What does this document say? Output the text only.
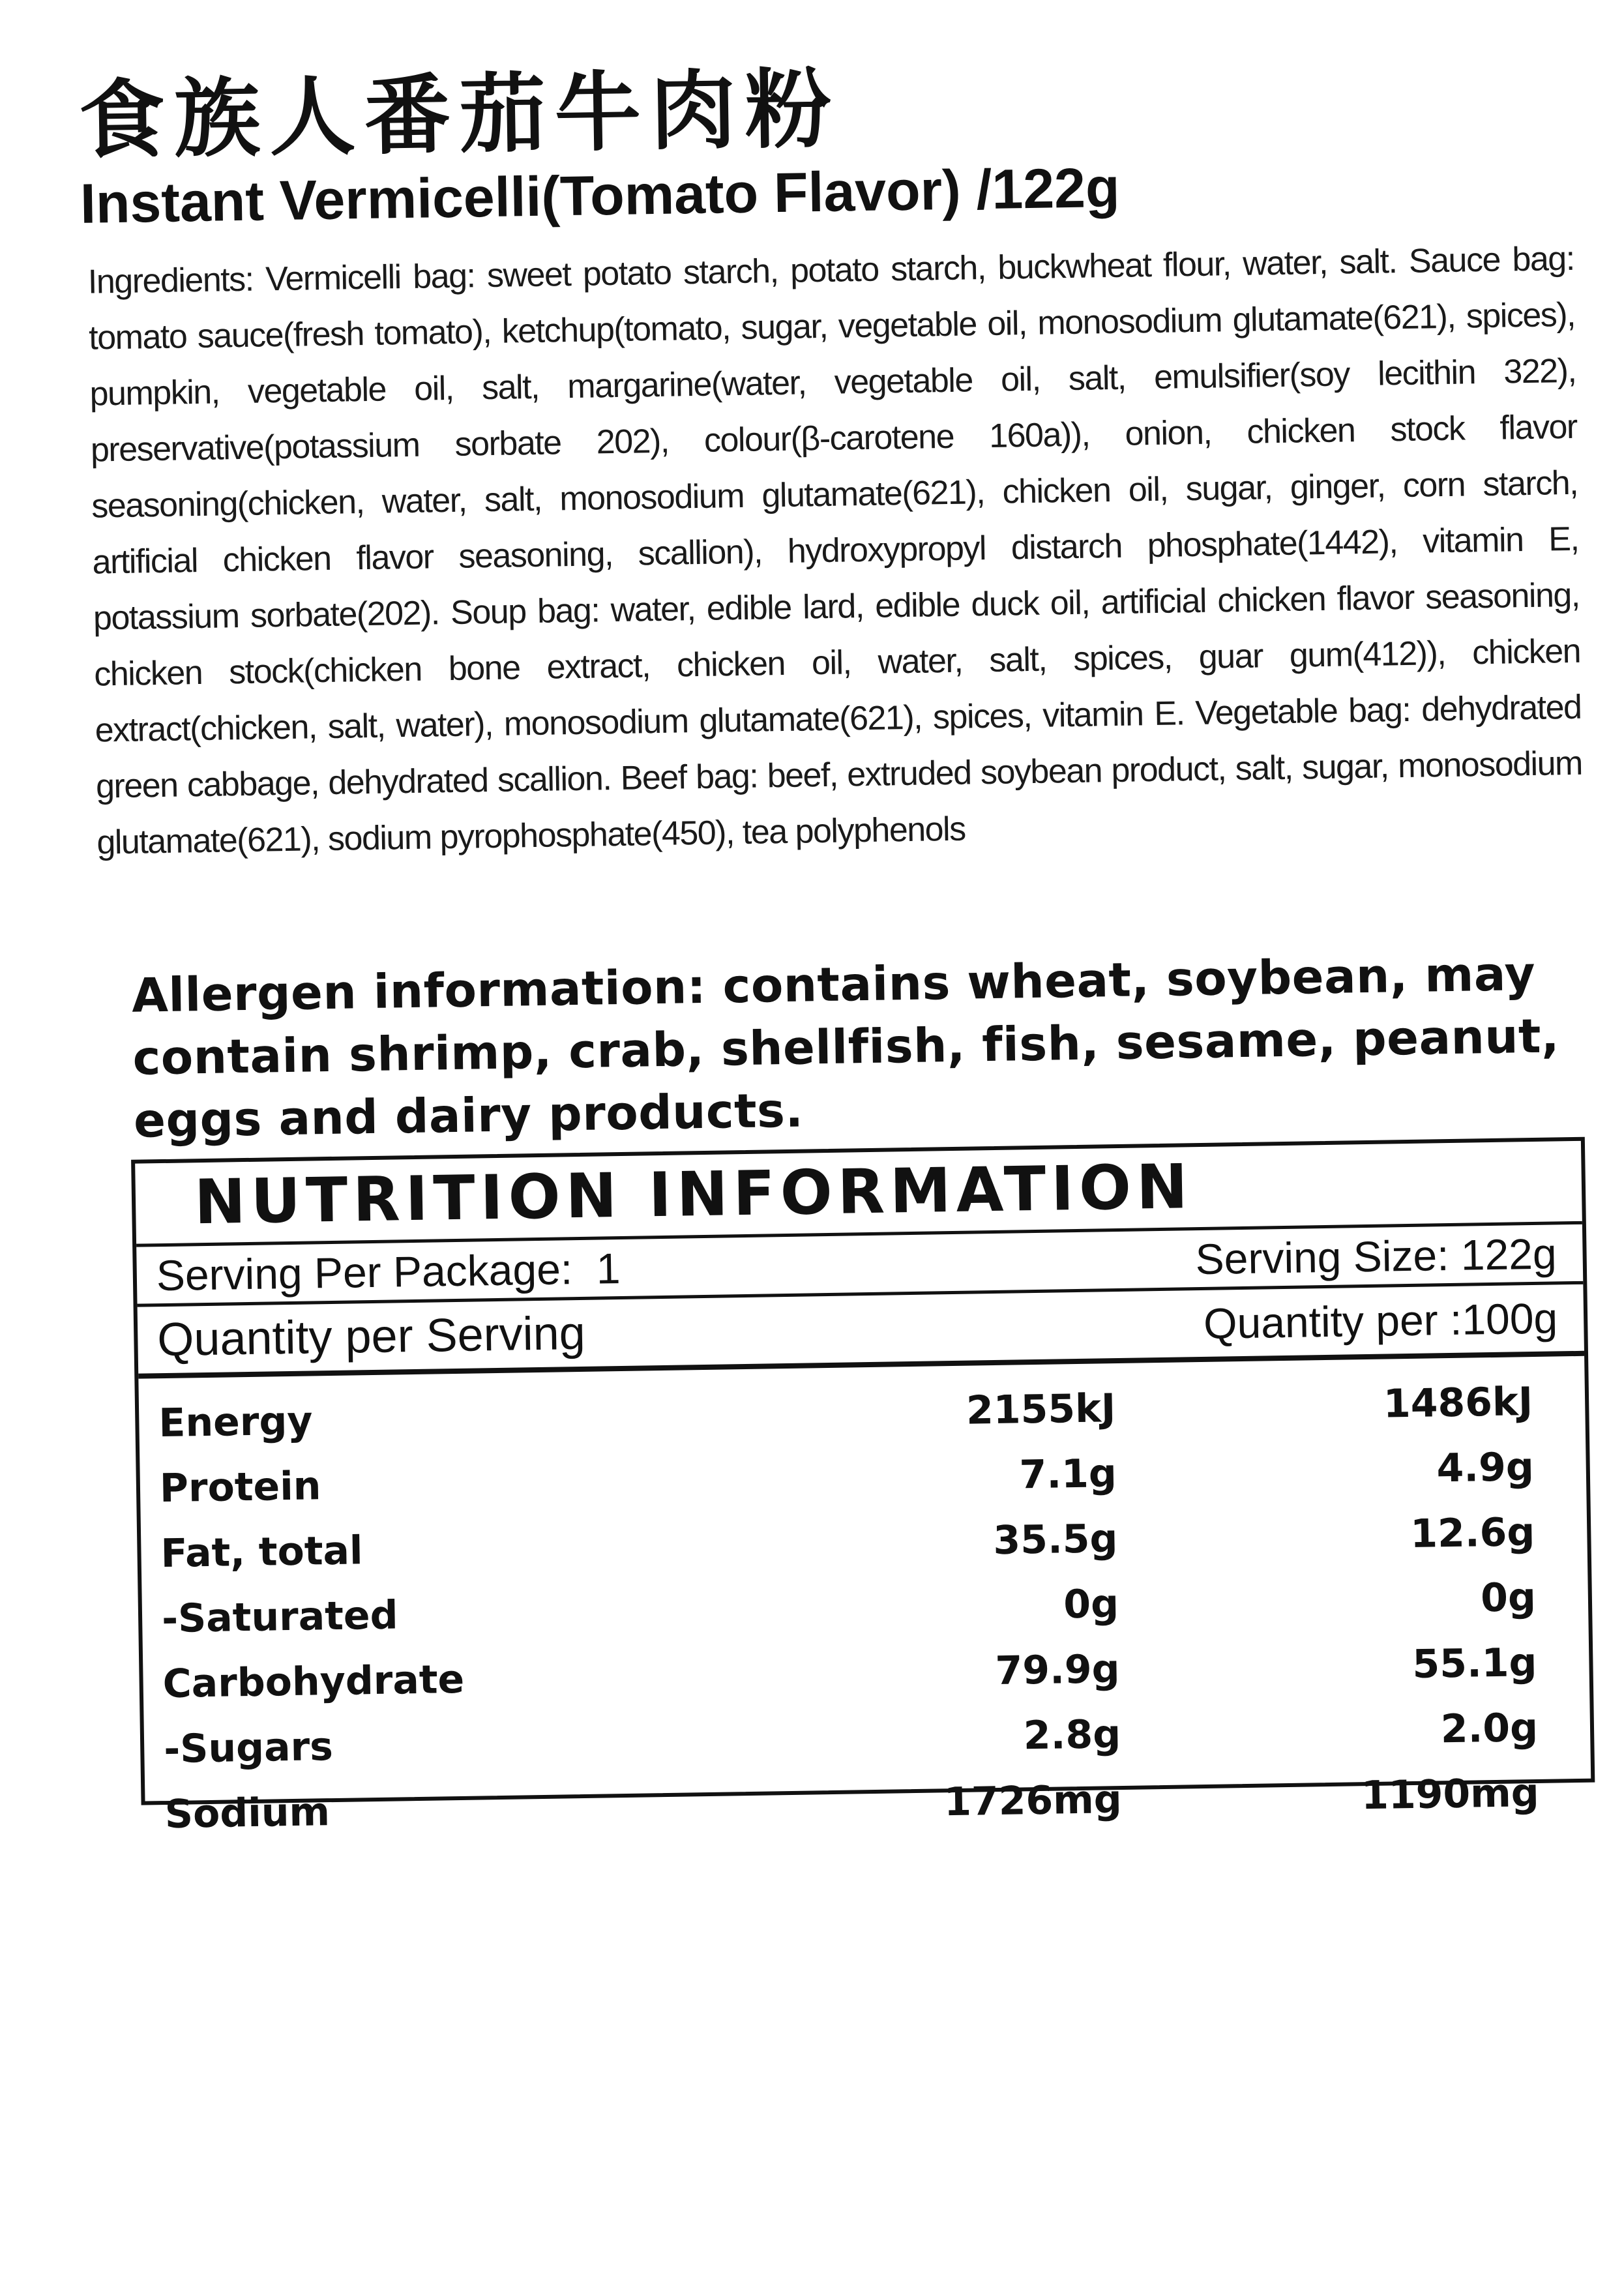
食族人番茄牛肉粉
Instant Vermicelli(Tomato Flavor) /122g
Ingredients: Vermicelli bag: sweet potato starch, potato starch, buckwheat flour, water, salt. Sauce bag: tomato sauce(fresh tomato), ketchup(tomato, sugar, vegetable oil, monosodium glutamate(621), spices), pumpkin, vegetable oil, salt, margarine(water, vegetable oil, salt, emulsifier(soy lecithin 322), preservative(potassium sorbate 202), colour(β-carotene 160a)), onion, chicken stock flavor seasoning(chicken, water, salt, monosodium glutamate(621), chicken oil, sugar, ginger, corn starch, artificial chicken flavor seasoning, scallion), hydroxypropyl distarch phosphate(1442), vitamin E, potassium sorbate(202). Soup bag: water, edible lard, edible duck oil, artificial chicken flavor seasoning, chicken stock(chicken bone extract, chicken oil, water, salt, spices, guar gum(412)), chicken extract(chicken, salt, water), monosodium glutamate(621), spices, vitamin E. Vegetable bag: dehydrated green cabbage, dehydrated scallion. Beef bag: beef, extruded soybean product, salt, sugar, monosodium glutamate(621), sodium pyrophosphate(450), tea polyphenols
Allergen information: contains wheat, soybean, may contain shrimp, crab, shellfish, fish, sesame, peanut, eggs and dairy products.
NUTRITION INFORMATION
Serving Per Package: 1	Serving Size: 122g
Quantity per Serving	Quantity per :100g
Energy	2155kJ	1486kJ
Protein	7.1g	4.9g
Fat, total	35.5g	12.6g
-Saturated	0g	0g
Carbohydrate	79.9g	55.1g
-Sugars	2.8g	2.0g
Sodium	1726mg	1190mg
